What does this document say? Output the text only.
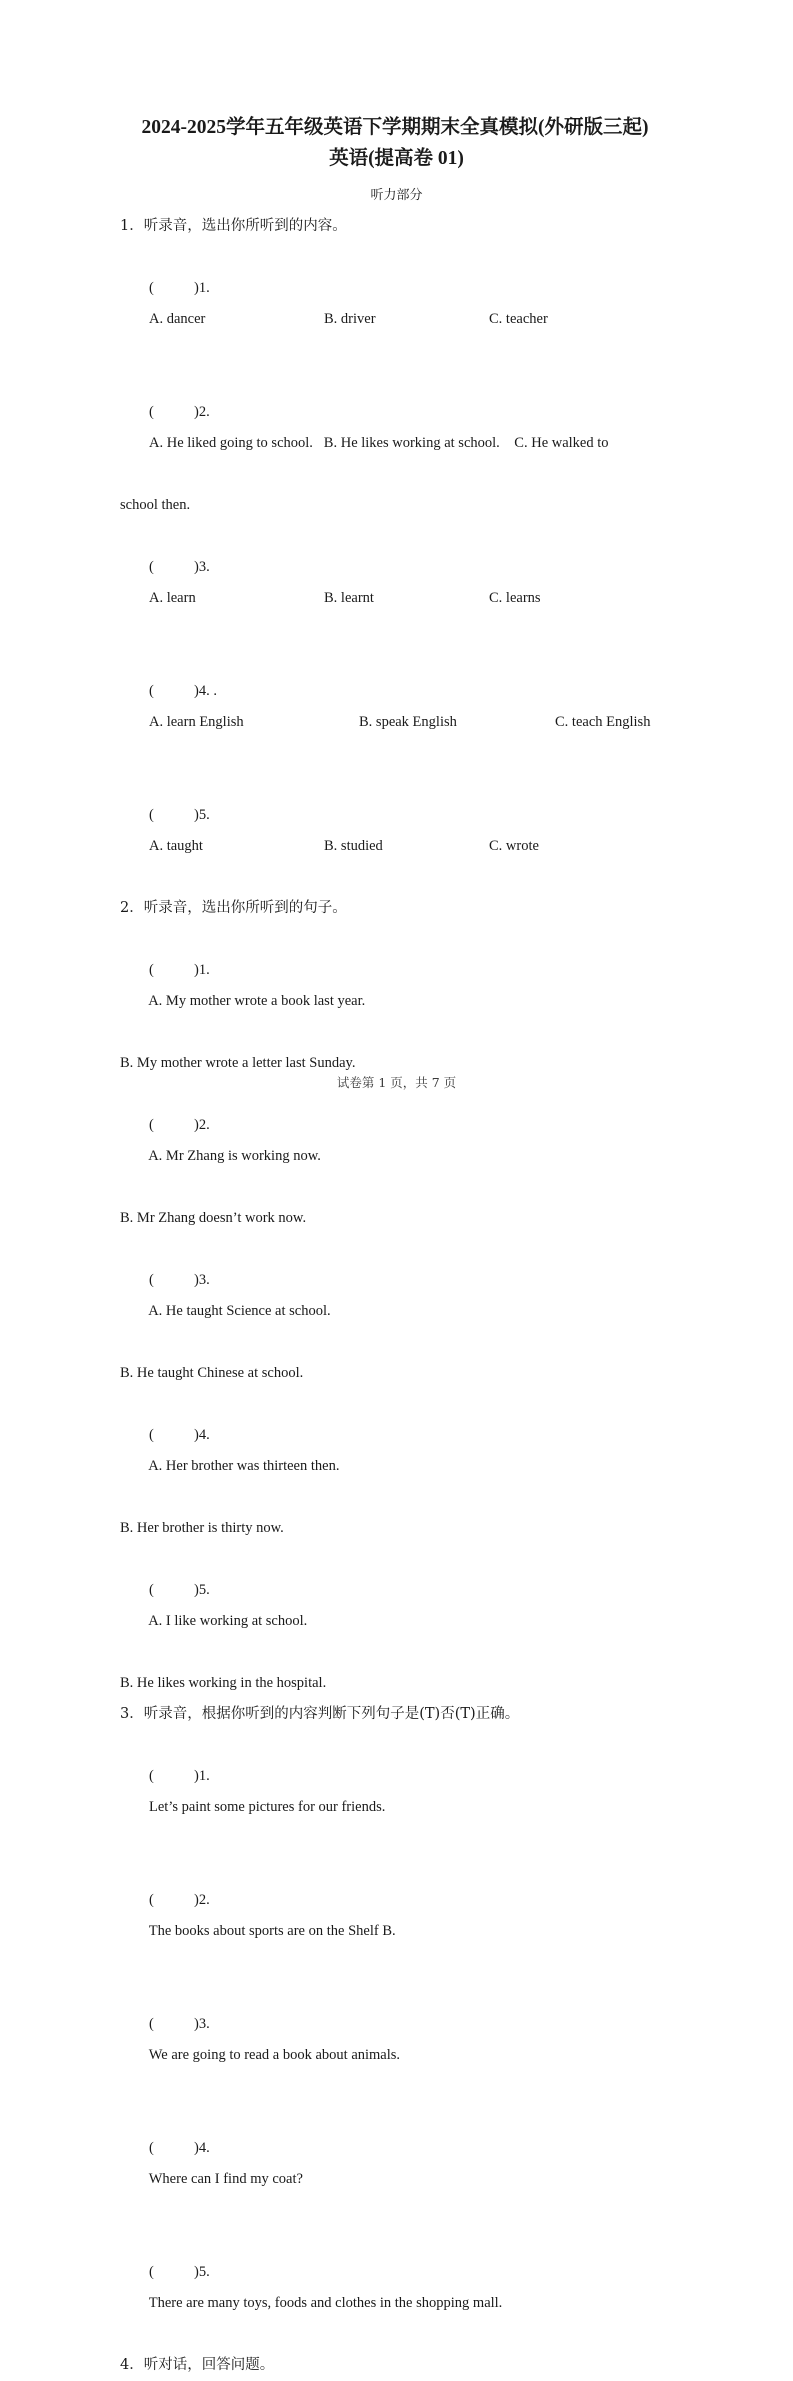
2024-2025学年五年级英语下学期期末全真模拟(外研版三起)
英语(提高卷 01)
听力部分
1．听录音，选出你所听到的内容。

(	)1.
A. dancer	B. driver	C. teacher

(	)2.
A. He liked going to school. B. He likes working at school. C. He walked to

school then.

(	)3.
A. learn	B. learnt	C. learns

(	)4. .
A. learn English	B. speak English	C. teach English

(	)5.
A. taught	B. studied	C. wrote

2．听录音，选出你所听到的句子。

(	)1.
A. My mother wrote a book last year.

B. My mother wrote a letter last Sunday.

(	)2.
A. Mr Zhang is working now.

B. Mr Zhang doesn’t work now.

(	)3.
A. He taught Science at school.

B. He taught Chinese at school.

(	)4.
A. Her brother was thirteen then.

B. Her brother is thirty now.

(	)5.
A. I like working at school.

B. He likes working in the hospital.
3．听录音，根据你听到的内容判断下列句子是(T)否(T)正确。

(	)1.
Let’s paint some pictures for our friends.

(	)2.
The books about sports are on the Shelf B.

(	)3.
We are going to read a book about animals.

(	)4.
Where can I find my coat?

(	)5.
There are many toys, foods and clothes in the shopping mall.

4．听对话，回答问题。
试卷第 1 页，共 7 页
